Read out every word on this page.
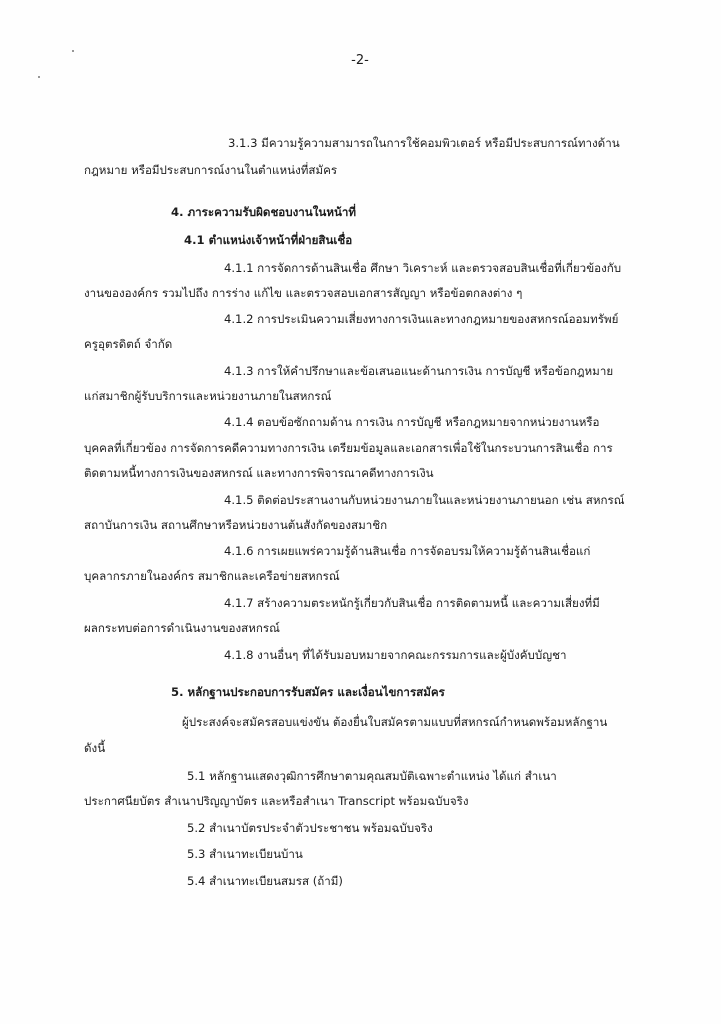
-2-
3.1.3 มีความรู้ความสามารถในการใช้คอมพิวเตอร์ หรือมีประสบการณ์ทางด้าน
กฎหมาย หรือมีประสบการณ์งานในตำแหน่งที่สมัคร
4. ภาระความรับผิดชอบงานในหน้าที่
4.1 ตำแหน่งเจ้าหน้าที่ฝ่ายสินเชื่อ
4.1.1 การจัดการด้านสินเชื่อ ศึกษา วิเคราะห์ และตรวจสอบสินเชื่อที่เกี่ยวข้องกับ
งานขององค์กร รวมไปถึง การร่าง แก้ไข และตรวจสอบเอกสารสัญญา หรือข้อตกลงต่าง ๆ
4.1.2 การประเมินความเสี่ยงทางการเงินและทางกฎหมายของสหกรณ์ออมทรัพย์
ครูอุตรดิตถ์ จำกัด
4.1.3 การให้คำปรึกษาและข้อเสนอแนะด้านการเงิน การบัญชี หรือข้อกฎหมาย
แก่สมาชิกผู้รับบริการและหน่วยงานภายในสหกรณ์
4.1.4 ตอบข้อซักถามด้าน การเงิน การบัญชี หรือกฎหมายจากหน่วยงานหรือ
บุคคลที่เกี่ยวข้อง การจัดการคดีความทางการเงิน เตรียมข้อมูลและเอกสารเพื่อใช้ในกระบวนการสินเชื่อ การ
ติดตามหนี้ทางการเงินของสหกรณ์ และทางการพิจารณาคดีทางการเงิน
4.1.5 ติดต่อประสานงานกับหน่วยงานภายในและหน่วยงานภายนอก เช่น สหกรณ์
สถาบันการเงิน สถานศึกษาหรือหน่วยงานต้นสังกัดของสมาชิก
4.1.6 การเผยแพร่ความรู้ด้านสินเชื่อ การจัดอบรมให้ความรู้ด้านสินเชื่อแก่
บุคลากรภายในองค์กร สมาชิกและเครือข่ายสหกรณ์
4.1.7 สร้างความตระหนักรู้เกี่ยวกับสินเชื่อ การติดตามหนี้ และความเสี่ยงที่มี
ผลกระทบต่อการดำเนินงานของสหกรณ์
4.1.8 งานอื่นๆ ที่ได้รับมอบหมายจากคณะกรรมการและผู้บังคับบัญชา
5. หลักฐานประกอบการรับสมัคร และเงื่อนไขการสมัคร
ผู้ประสงค์จะสมัครสอบแข่งขัน ต้องยื่นใบสมัครตามแบบที่สหกรณ์กำหนดพร้อมหลักฐาน
ดังนี้
5.1 หลักฐานแสดงวุฒิการศึกษาตามคุณสมบัติเฉพาะตำแหน่ง ได้แก่ สำเนา
ประกาศนียบัตร สำเนาปริญญาบัตร และหรือสำเนา Transcript พร้อมฉบับจริง
5.2 สำเนาบัตรประจำตัวประชาชน พร้อมฉบับจริง
5.3 สำเนาทะเบียนบ้าน
5.4 สำเนาทะเบียนสมรส (ถ้ามี)
